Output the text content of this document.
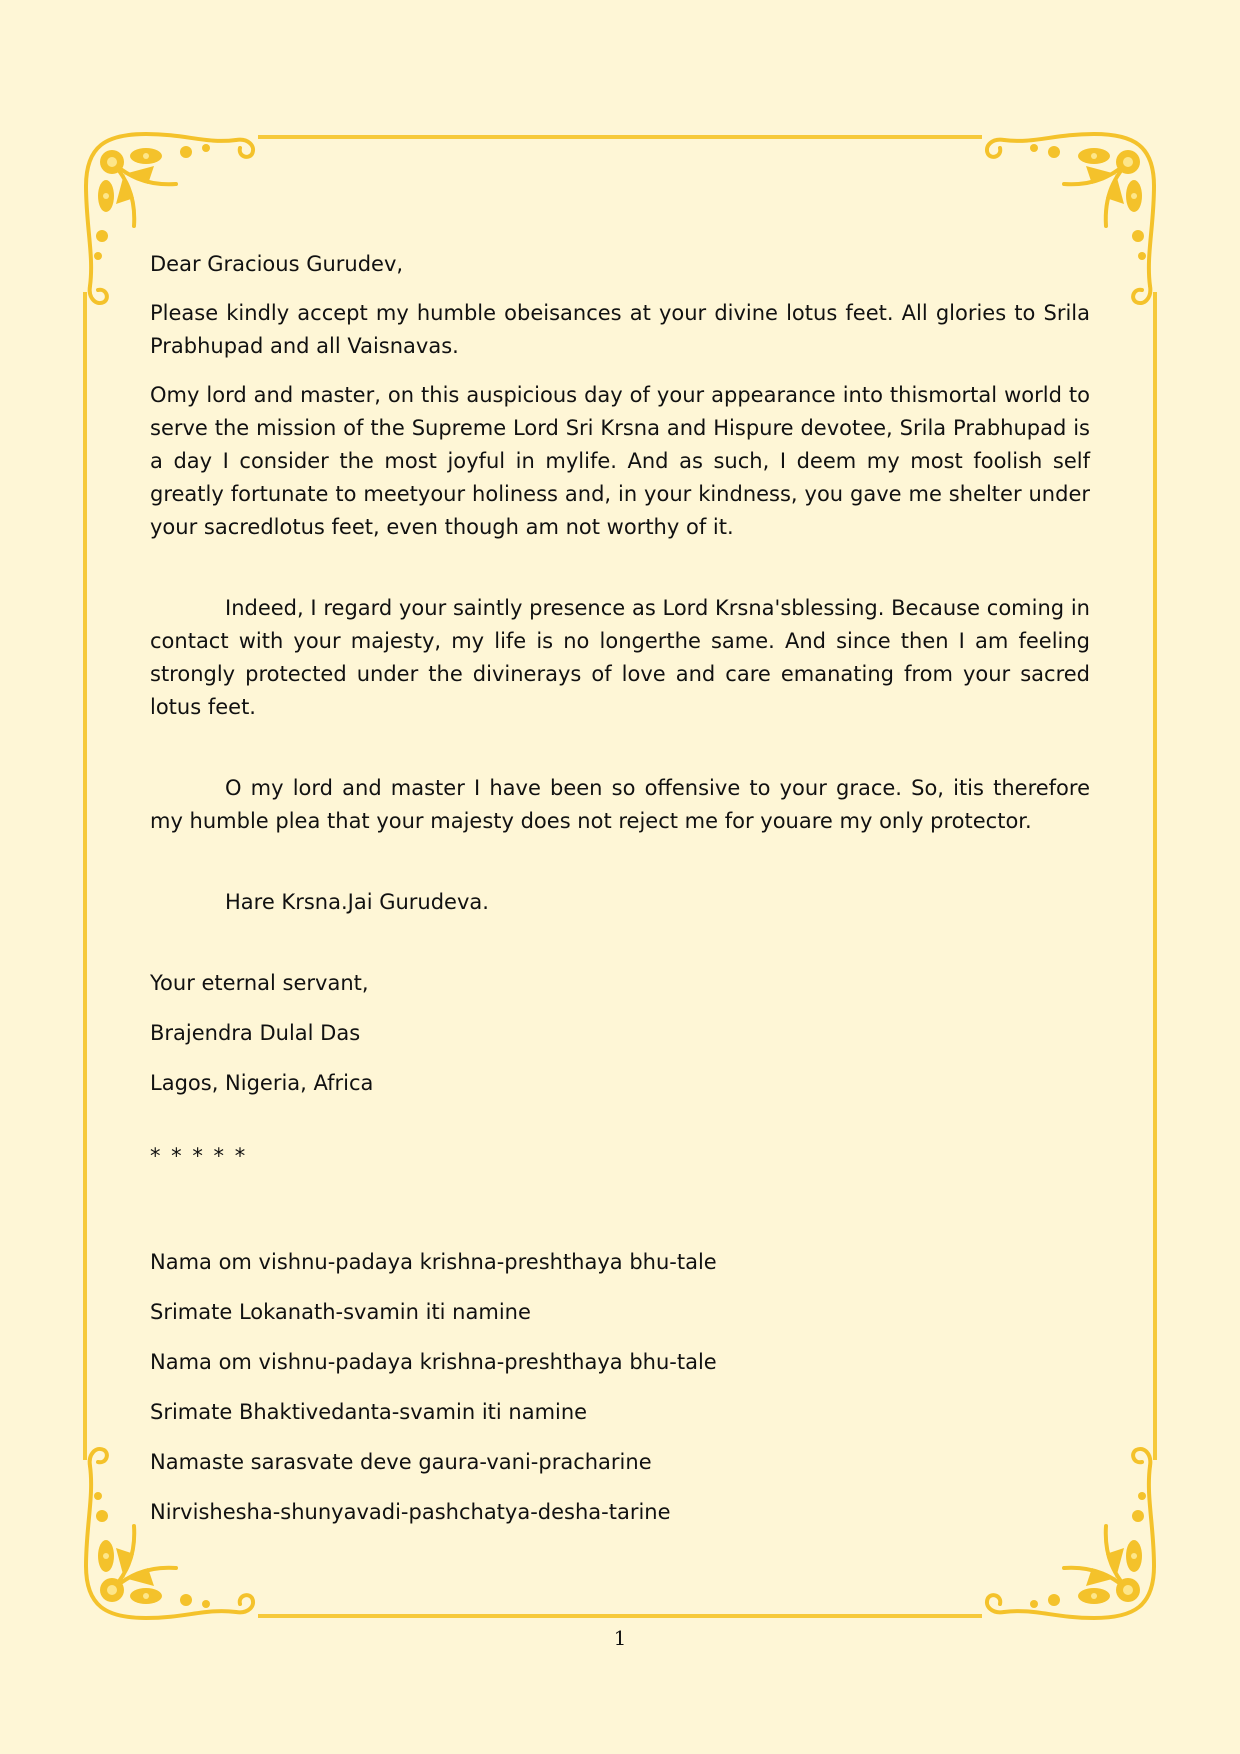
Dear Gracious Gurudev,

Please kindly accept my humble obeisances at your divine lotus feet. All glories to Srila Prabhupad and all Vaisnavas.

Omy lord and master, on this auspicious day of your appearance into thismortal world to serve the mission of the Supreme Lord Sri Krsna and Hispure devotee, Srila Prabhupad is a day I consider the most joyful in mylife. And as such, I deem my most foolish self greatly fortunate to meetyour holiness and, in your kindness, you gave me shelter under your sacredlotus feet, even though am not worthy of it.

Indeed, I regard your saintly presence as Lord Krsna'sblessing. Because coming in contact with your majesty, my life is no longerthe same. And since then I am feeling strongly protected under the divinerays of love and care emanating from your sacred lotus feet.

O my lord and master I have been so offensive to your grace. So, itis therefore my humble plea that your majesty does not reject me for youare my only protector.

Hare Krsna.Jai Gurudeva.

Your eternal servant,

Brajendra Dulal Das

Lagos, Nigeria, Africa

* * * * *

Nama om vishnu-padaya krishna-preshthaya bhu-tale

Srimate Lokanath-svamin iti namine

Nama om vishnu-padaya krishna-preshthaya bhu-tale

Srimate Bhaktivedanta-svamin iti namine

Namaste sarasvate deve gaura-vani-pracharine

Nirvishesha-shunyavadi-pashchatya-desha-tarine

1
